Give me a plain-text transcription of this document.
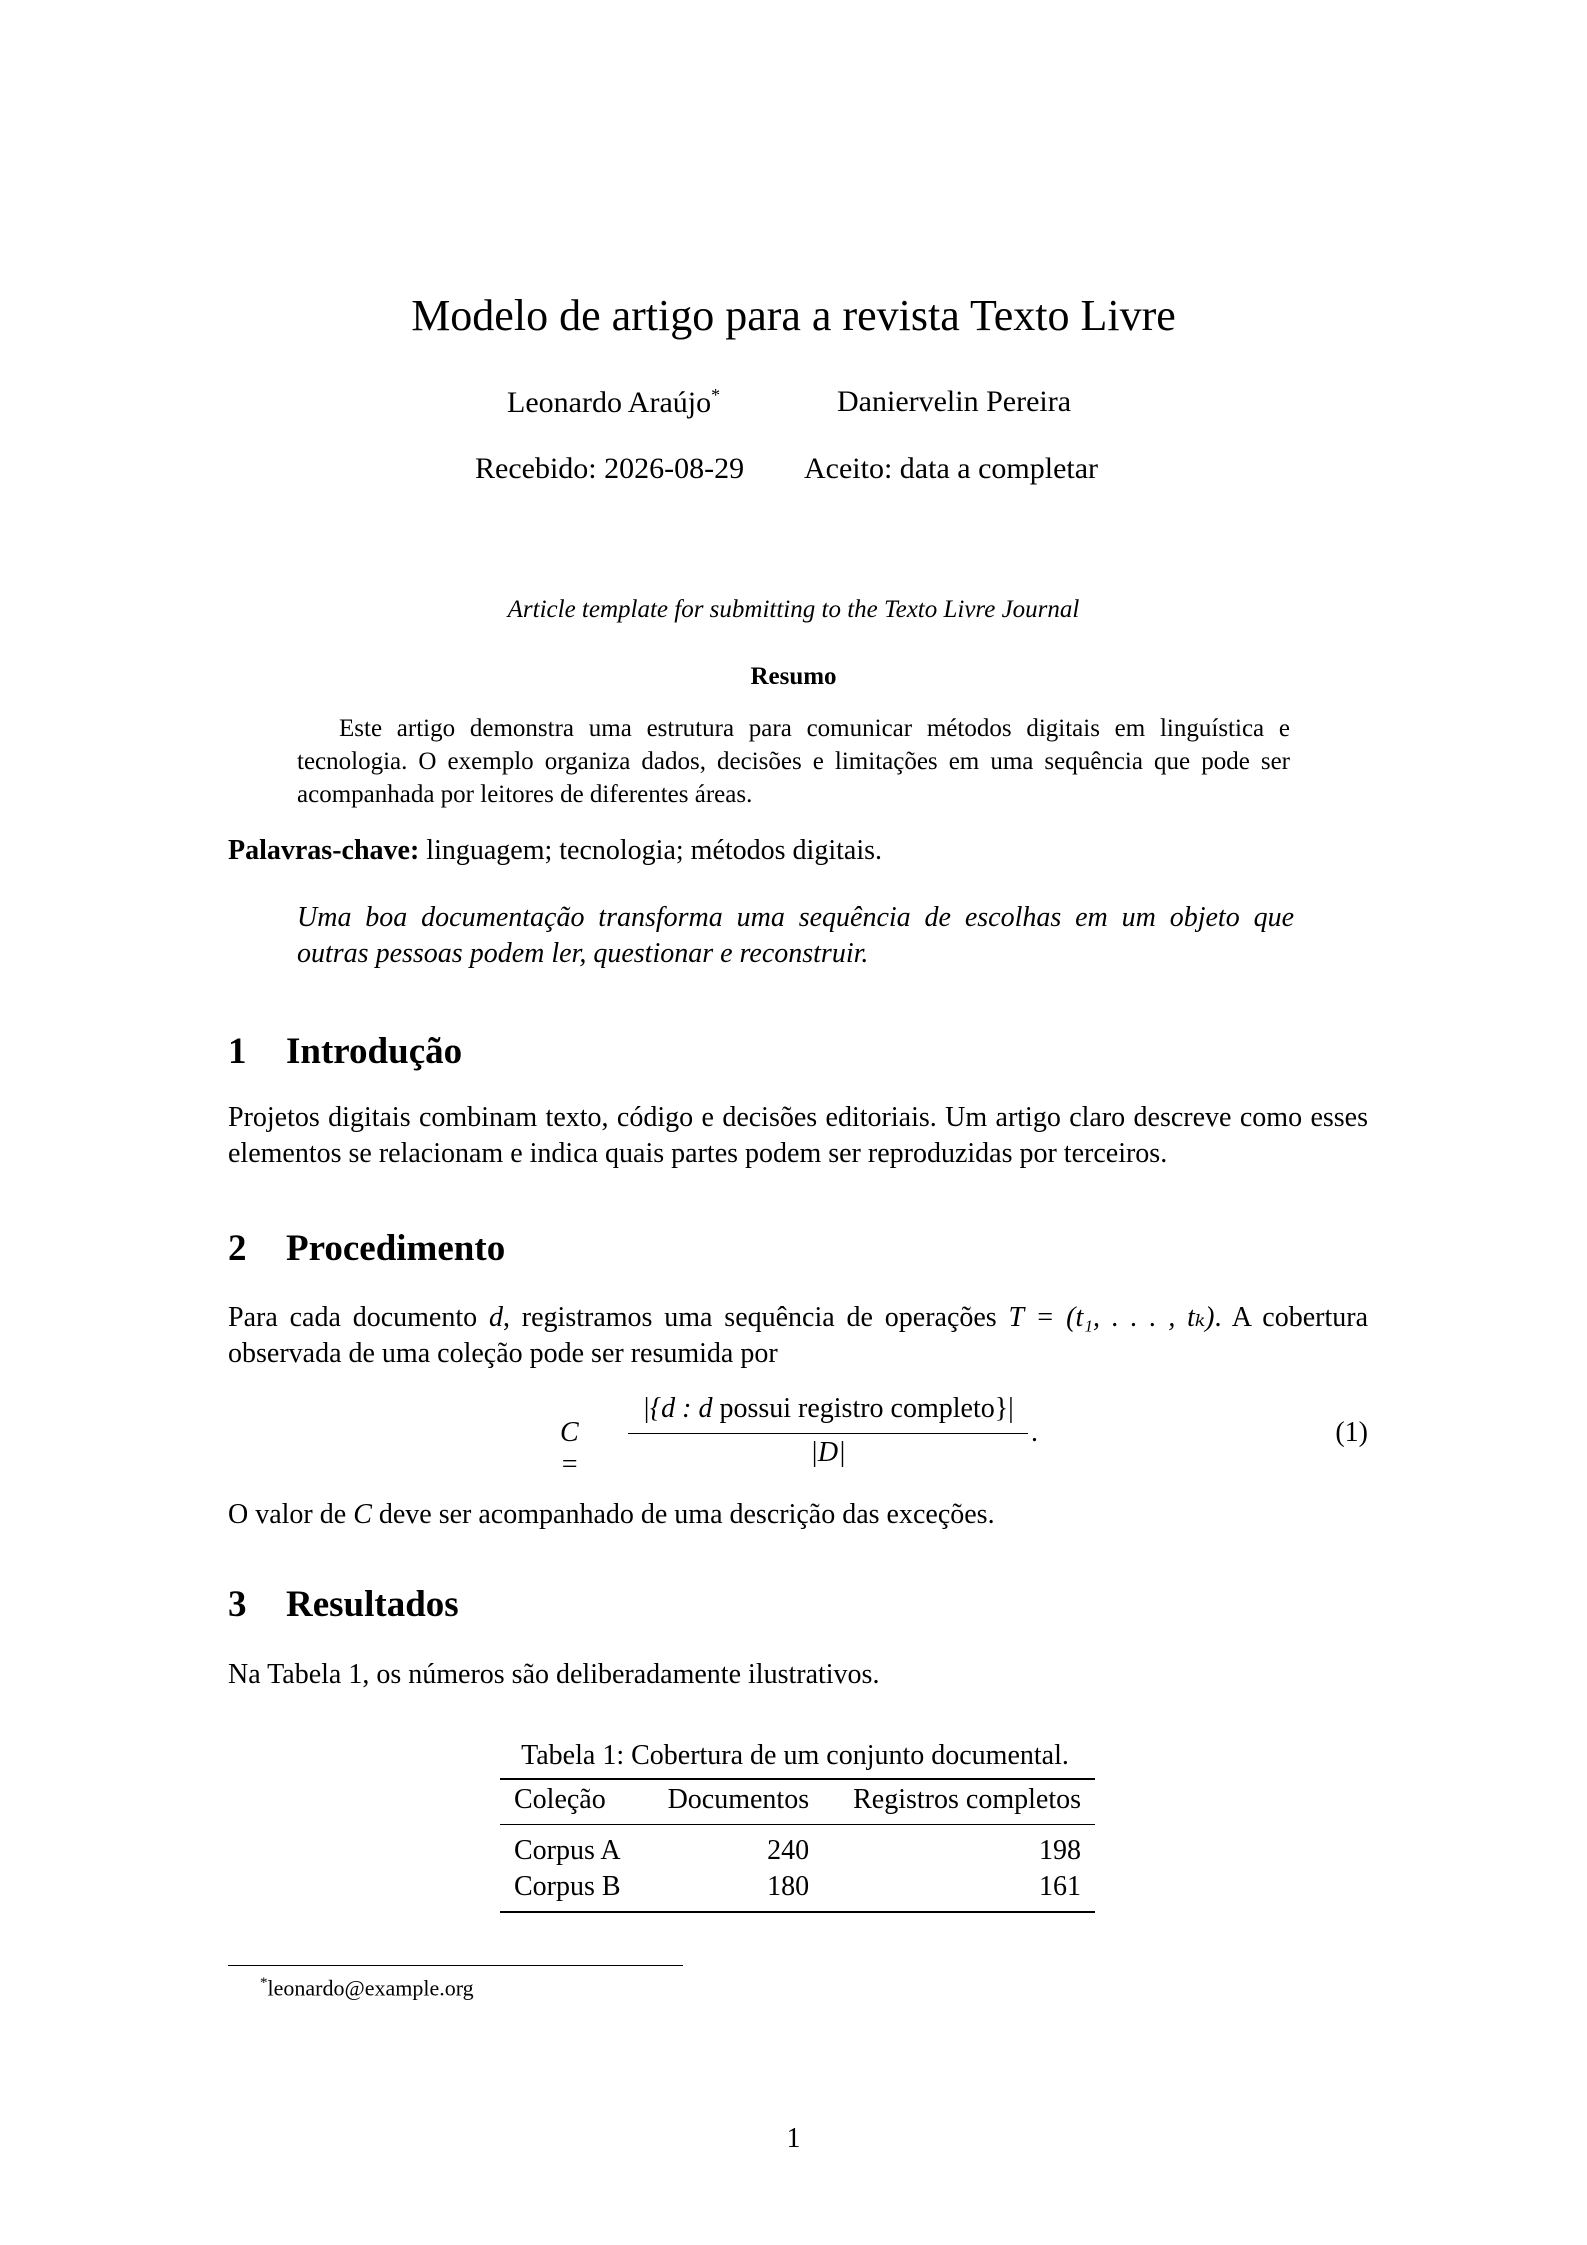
Modelo de artigo para a revista Texto Livre
Leonardo Araújo*	Daniervelin Pereira
Recebido: 2026-08-29 Aceito: data a completar
Article template for submitting to the Texto Livre Journal
Resumo
Este artigo demonstra uma estrutura para comunicar métodos digitais em linguística e tecnologia. O exemplo organiza dados, decisões e limitações em uma sequência que pode ser acompanhada por leitores de diferentes áreas.
Palavras-chave: linguagem; tecnologia; métodos digitais.
Uma boa documentação transforma uma sequência de escolhas em um objeto que outras pessoas podem ler, questionar e reconstruir.
1 Introdução
Projetos digitais combinam texto, código e decisões editoriais. Um artigo claro descreve como esses elementos se relacionam e indica quais partes podem ser reproduzidas por terceiros.
2 Procedimento
Para cada documento d, registramos uma sequência de operações T = (t₁, . . . , tₖ). A cobertura observada de uma coleção pode ser resumida por
C =
|{d : d possui registro completo}|
|D|
.	(1)
O valor de C deve ser acompanhado de uma descrição das exceções.
3 Resultados
Na Tabela 1, os números são deliberadamente ilustrativos.
Tabela 1: Cobertura de um conjunto documental.
Coleção	Documentos	Registros completos
Corpus A	240	198
Corpus B	180	161
*leonardo@example.org
1
